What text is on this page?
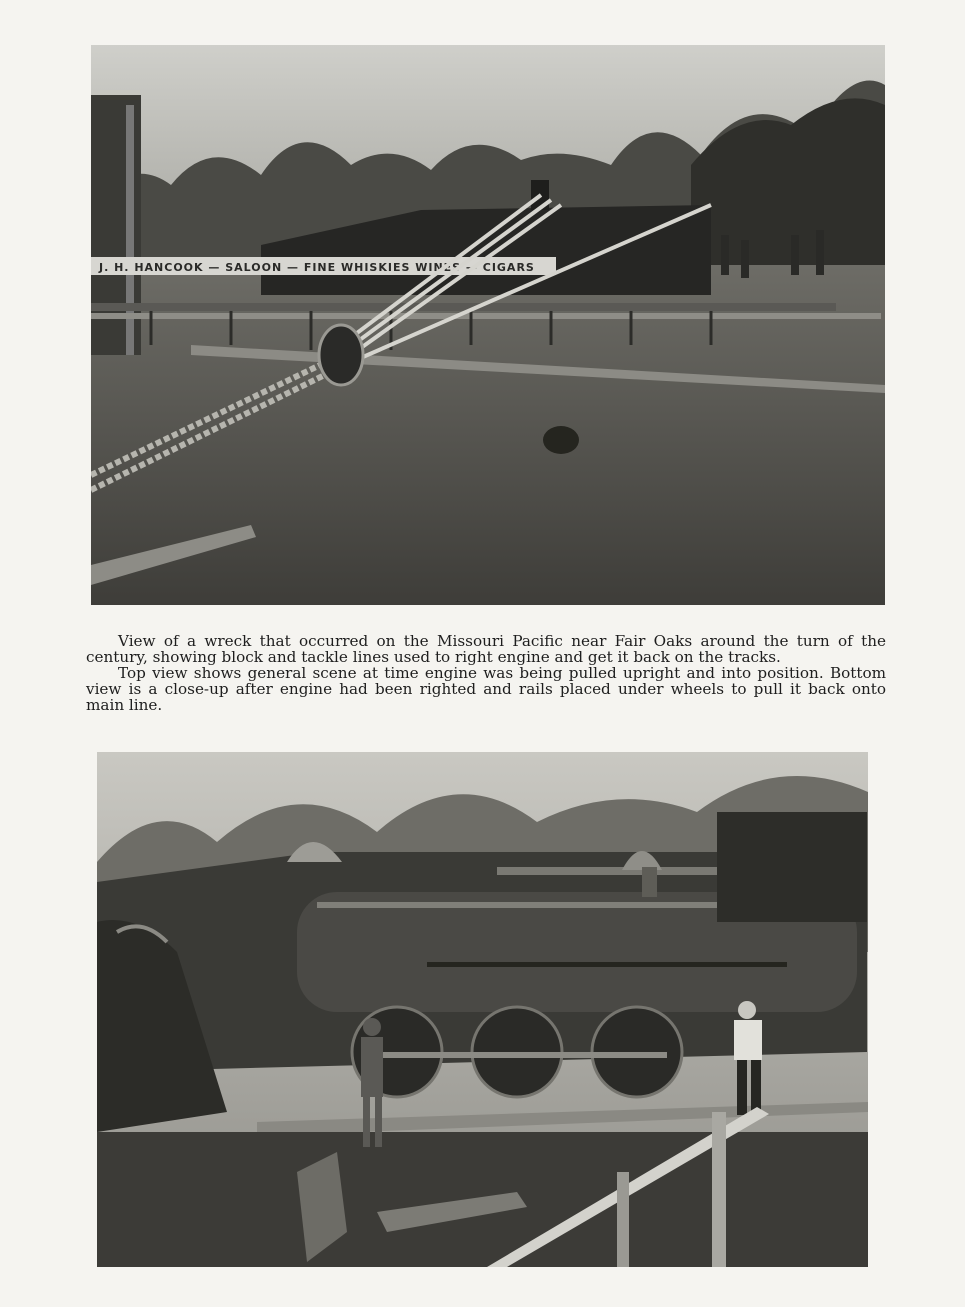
J. H. HANCOOK — SALOON — FINE WHISKIES WINES — CIGARS

View of a wreck that occurred on the Missouri Pacific near Fair Oaks around the turn of the century, showing block and tackle lines used to right engine and get it back on the tracks.

Top view shows general scene at time engine was being pulled upright and into position. Bottom view is a close-up after engine had been righted and rails placed under wheels to pull it back onto main line.
